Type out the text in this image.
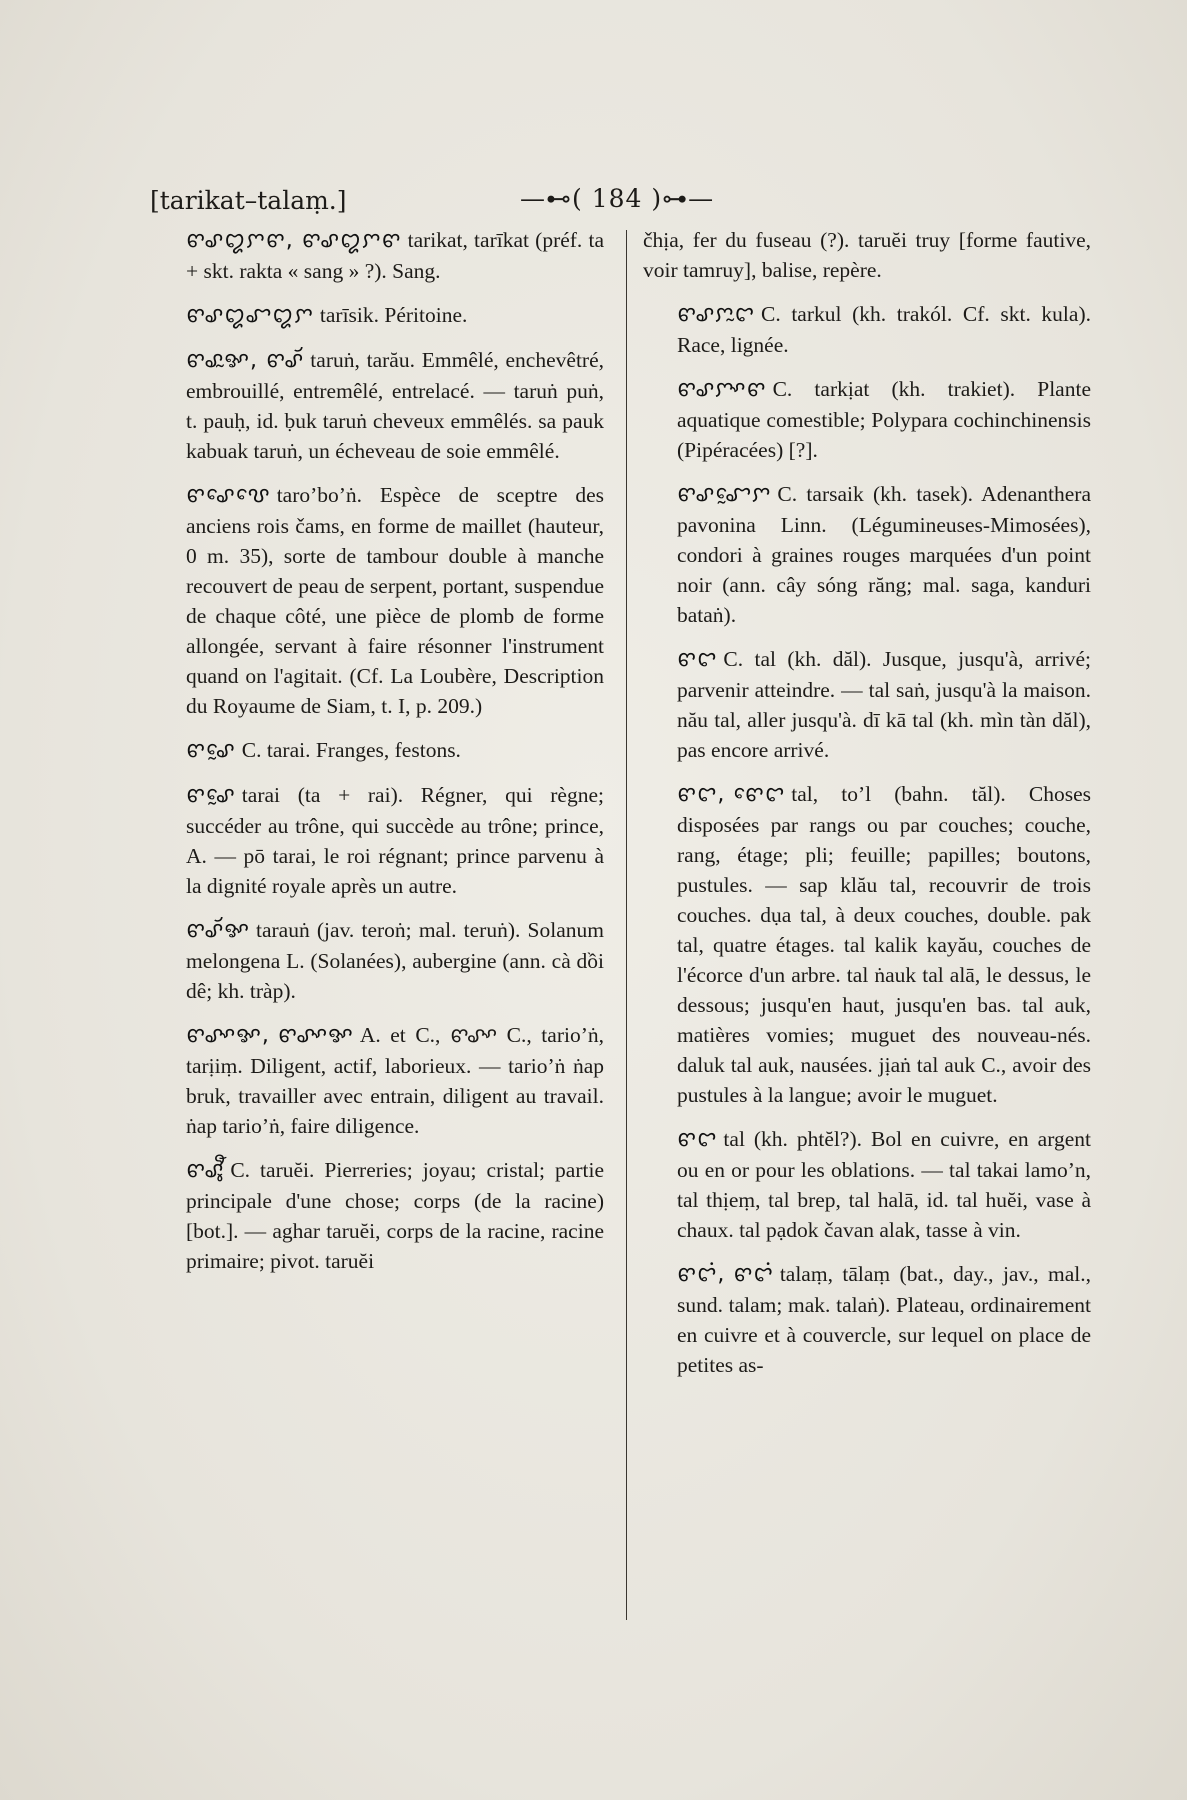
[tarikat–talaṃ.]	—⊷( 184 )⊶—

ꨓꨣꨁꨆꨓ, ꨓꨣꨁꨆꨓ tarikat, tarīkat (préf. ta + skt. rakta « sang » ?). Sang.

ꨓꨣꨁꨧꨁꨆ tarīsik. Péritoine.

ꨓꨣꨭꨀ, ꨓꨣꨮ taruṅ, tarău. Emmêlé, enchevêtré, embrouillé, entremêlé, entrelacé. — taruṅ puṅ, t. pauḥ, id. ḅuk taruṅ cheveux emmêlés. sa pauk kabuak taruṅ, un écheveau de soie emmêlé.

ꨓꨣꨯꨝꨯ taroʼboʼṅ. Espèce de sceptre des anciens rois čams, en forme de maillet (hauteur, 0 m. 35), sorte de tambour double à manche recouvert de peau de serpent, portant, suspendue de chaque côté, une pièce de plomb de forme allongée, servant à faire résonner l'instrument quand on l'agitait. (Cf. La Loubère, Description du Royaume de Siam, t. I, p. 209.)

ꨓꨣꨰ C. tarai. Franges, festons.

ꨓꨣꨰ tarai (ta + rai). Régner, qui règne; succéder au trône, qui succède au trône; prince, A. — pō tarai, le roi régnant; prince parvenu à la dignité royale après un autre.

ꨓꨣꨮꨀ tarauṅ (jav. teroṅ; mal. teruṅ). Solanum melongena L. (Solanées), aubergine (ann. cà dồi dê; kh. tràp).

ꨓꨣꨳꨀ, ꨓꨣꨳꨀ A. et C., ꨓꨣꨳ C., tarioʼṅ, tarịiṃ. Diligent, actif, laborieux. — tarioʼṅ ṅap bruk, travailler avec entrain, diligent au travail. ṅap tarioʼṅ, faire diligence.

ꨓꨣꨶꨬ C. taruĕi. Pierreries; joyau; cristal; partie principale d'une chose; corps (de la racine) [bot.]. — aghar taruĕi, corps de la racine, racine primaire; pivot. taruĕi

čhịa, fer du fuseau (?). taruĕi truy [forme fautive, voir tamruy], balise, repère.

ꨓꨣꨆꨭꨤ C. tarkul (kh. trakól. Cf. skt. kula). Race, lignée.

ꨓꨣꨆꨳꨓ C. tarkịat (kh. trakiet). Plante aquatique comestible; Polypara cochinchinensis (Pipéracées) [?].

ꨓꨣꨧꨰꨆ C. tarsaik (kh. tasek). Adenanthera pavonina Linn. (Légumineuses-Mimosées), condori à graines rouges marquées d'un point noir (ann. cây sóng răng; mal. saga, kanduri bataṅ).

ꨓꨤ C. tal (kh. dăl). Jusque, jusqu'à, arrivé; parvenir atteindre. — tal saṅ, jusqu'à la maison. nău tal, aller jusqu'à. dī kā tal (kh. mìn tàn dăl), pas encore arrivé.

ꨓꨤ, ꨓꨯꨤ tal, toʼl (bahn. tăl). Choses disposées par rangs ou par couches; couche, rang, étage; pli; feuille; papilles; boutons, pustules. — sap klău tal, recouvrir de trois couches. dụa tal, à deux couches, double. pak tal, quatre étages. tal kalik kayău, couches de l'écorce d'un arbre. tal ṅauk tal alā, le dessus, le dessous; jusqu'en haut, jusqu'en bas. tal auk, matières vomies; muguet des nouveau-nés. daluk tal auk, nausées. jịaṅ tal auk C., avoir des pustules à la langue; avoir le muguet.

ꨓꨤ tal (kh. phtĕl?). Bol en cuivre, en argent ou en or pour les oblations. — tal takai lamoʼn, tal thịeṃ, tal brep, tal halā, id. tal huĕi, vase à chaux. tal pạdok čavan alak, tasse à vin.

ꨓꨤꩌ, ꨓꨤꩌ talaṃ, tālaṃ (bat., day., jav., mal., sund. talam; mak. talaṅ). Plateau, ordinairement en cuivre et à couvercle, sur lequel on place de petites as-
